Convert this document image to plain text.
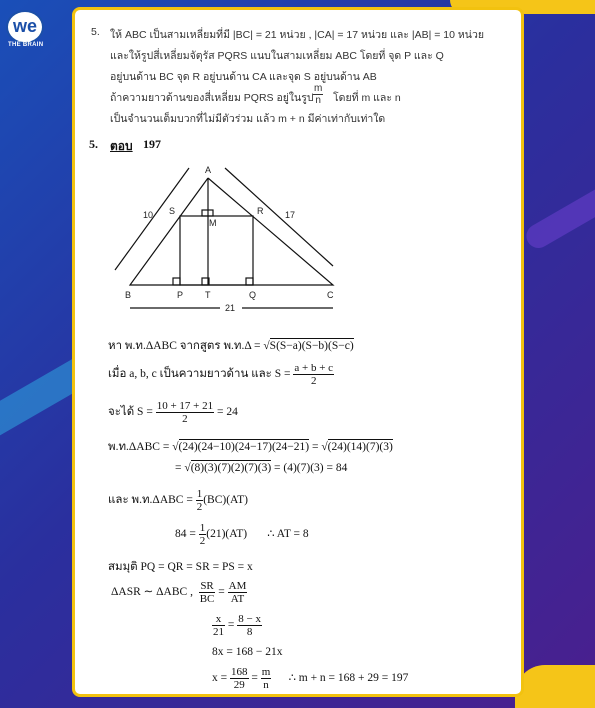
we
THE BRAIN
5. ให้ ABC เป็นสามเหลี่ยมที่มี |BC| = 21 หน่วย , |CA| = 17 หน่วย และ |AB| = 10 หน่วย
และให้รูปสี่เหลี่ยมจัตุรัส PQRS แนบในสามเหลี่ยม ABC โดยที่ จุด P และ Q
อยู่บนด้าน BC จุด R อยู่บนด้าน CA และจุด S อยู่บนด้าน AB
ถ้าความยาวด้านของสี่เหลี่ยม PQRS อยู่ในรูป
m
n โดยที่ m และ n
เป็นจำนวนเต็มบวกที่ไม่มีตัวร่วม แล้ว m + n มีค่าเท่ากับเท่าใด
5. ตอบ 197
A
B	C
P T	Q
R
S
M
10	17
21
หา พ.ท.ΔABC จากสูตร พ.ท.Δ = √S(S−a)(S−b)(S−c)
เมื่อ a, b, c เป็นความยาวด้าน และ $S = \frac{a + b + c}{2}$
จะได้ $S = \frac{10 + 17 + 21}{2} = 24$
พ.ท.ΔABC = √(24)(24−10)(24−17)(24−21) = √(24)(14)(7)(3)
= √(8)(3)(7)(2)(7)(3) = (4)(7)(3) = 84
และ พ.ท$.\Delta ABC = \frac{1}{2} (BC)(AT)$
$84 = \frac{1}{2} (21)(AT)$ ∴ AT = 8
สมมุติ PQ = QR = SR = PS = x
ΔASR ∼ ΔABC , $\frac{SR}{BC} = \frac{AM}{AT}$
$\frac{x}{21} = \frac{8 - x}{8}$
8x = 168 − 21x
$x = \frac{168}{29} = \frac{m}{n}$ ∴ m + n = 168 + 29 = 197
